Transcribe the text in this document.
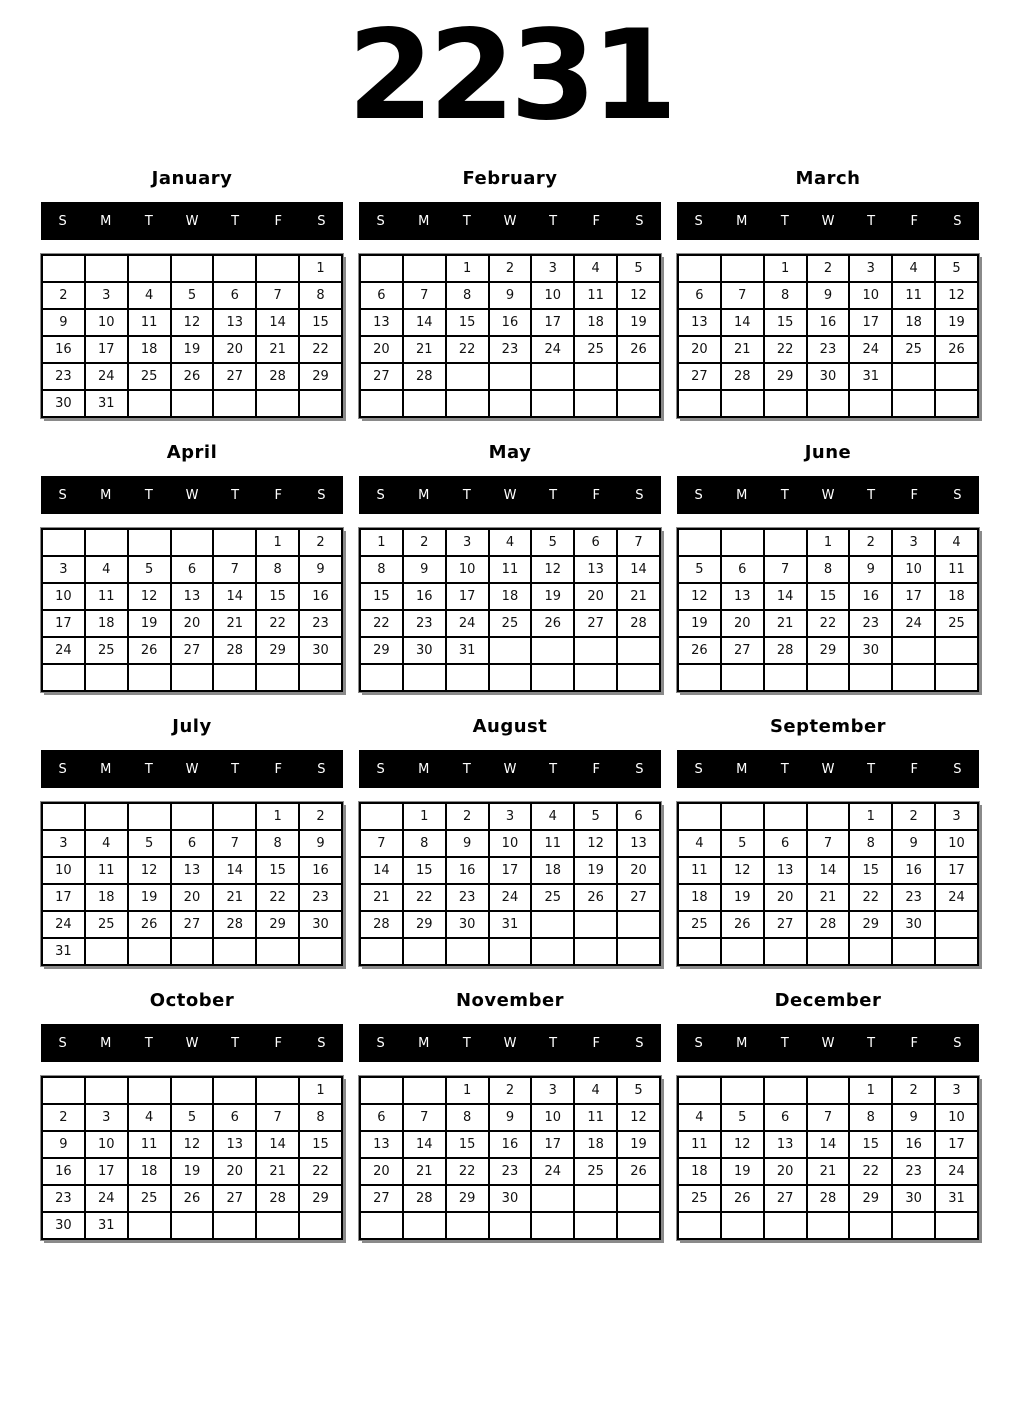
2231
January
S	M	T	W	T	F	S
						1
2	3	4	5	6	7	8
9	10	11	12	13	14	15
16	17	18	19	20	21	22
23	24	25	26	27	28	29
30	31					
February
S	M	T	W	T	F	S
		1	2	3	4	5
6	7	8	9	10	11	12
13	14	15	16	17	18	19
20	21	22	23	24	25	26
27	28					

March
S	M	T	W	T	F	S
		1	2	3	4	5
6	7	8	9	10	11	12
13	14	15	16	17	18	19
20	21	22	23	24	25	26
27	28	29	30	31		

April
S	M	T	W	T	F	S
					1	2
3	4	5	6	7	8	9
10	11	12	13	14	15	16
17	18	19	20	21	22	23
24	25	26	27	28	29	30

May
S	M	T	W	T	F	S
1	2	3	4	5	6	7
8	9	10	11	12	13	14
15	16	17	18	19	20	21
22	23	24	25	26	27	28
29	30	31				

June
S	M	T	W	T	F	S
			1	2	3	4
5	6	7	8	9	10	11
12	13	14	15	16	17	18
19	20	21	22	23	24	25
26	27	28	29	30		

July
S	M	T	W	T	F	S
					1	2
3	4	5	6	7	8	9
10	11	12	13	14	15	16
17	18	19	20	21	22	23
24	25	26	27	28	29	30
31						
August
S	M	T	W	T	F	S
	1	2	3	4	5	6
7	8	9	10	11	12	13
14	15	16	17	18	19	20
21	22	23	24	25	26	27
28	29	30	31			

September
S	M	T	W	T	F	S
				1	2	3
4	5	6	7	8	9	10
11	12	13	14	15	16	17
18	19	20	21	22	23	24
25	26	27	28	29	30	

October
S	M	T	W	T	F	S
						1
2	3	4	5	6	7	8
9	10	11	12	13	14	15
16	17	18	19	20	21	22
23	24	25	26	27	28	29
30	31					
November
S	M	T	W	T	F	S
		1	2	3	4	5
6	7	8	9	10	11	12
13	14	15	16	17	18	19
20	21	22	23	24	25	26
27	28	29	30			

December
S	M	T	W	T	F	S
				1	2	3
4	5	6	7	8	9	10
11	12	13	14	15	16	17
18	19	20	21	22	23	24
25	26	27	28	29	30	31
